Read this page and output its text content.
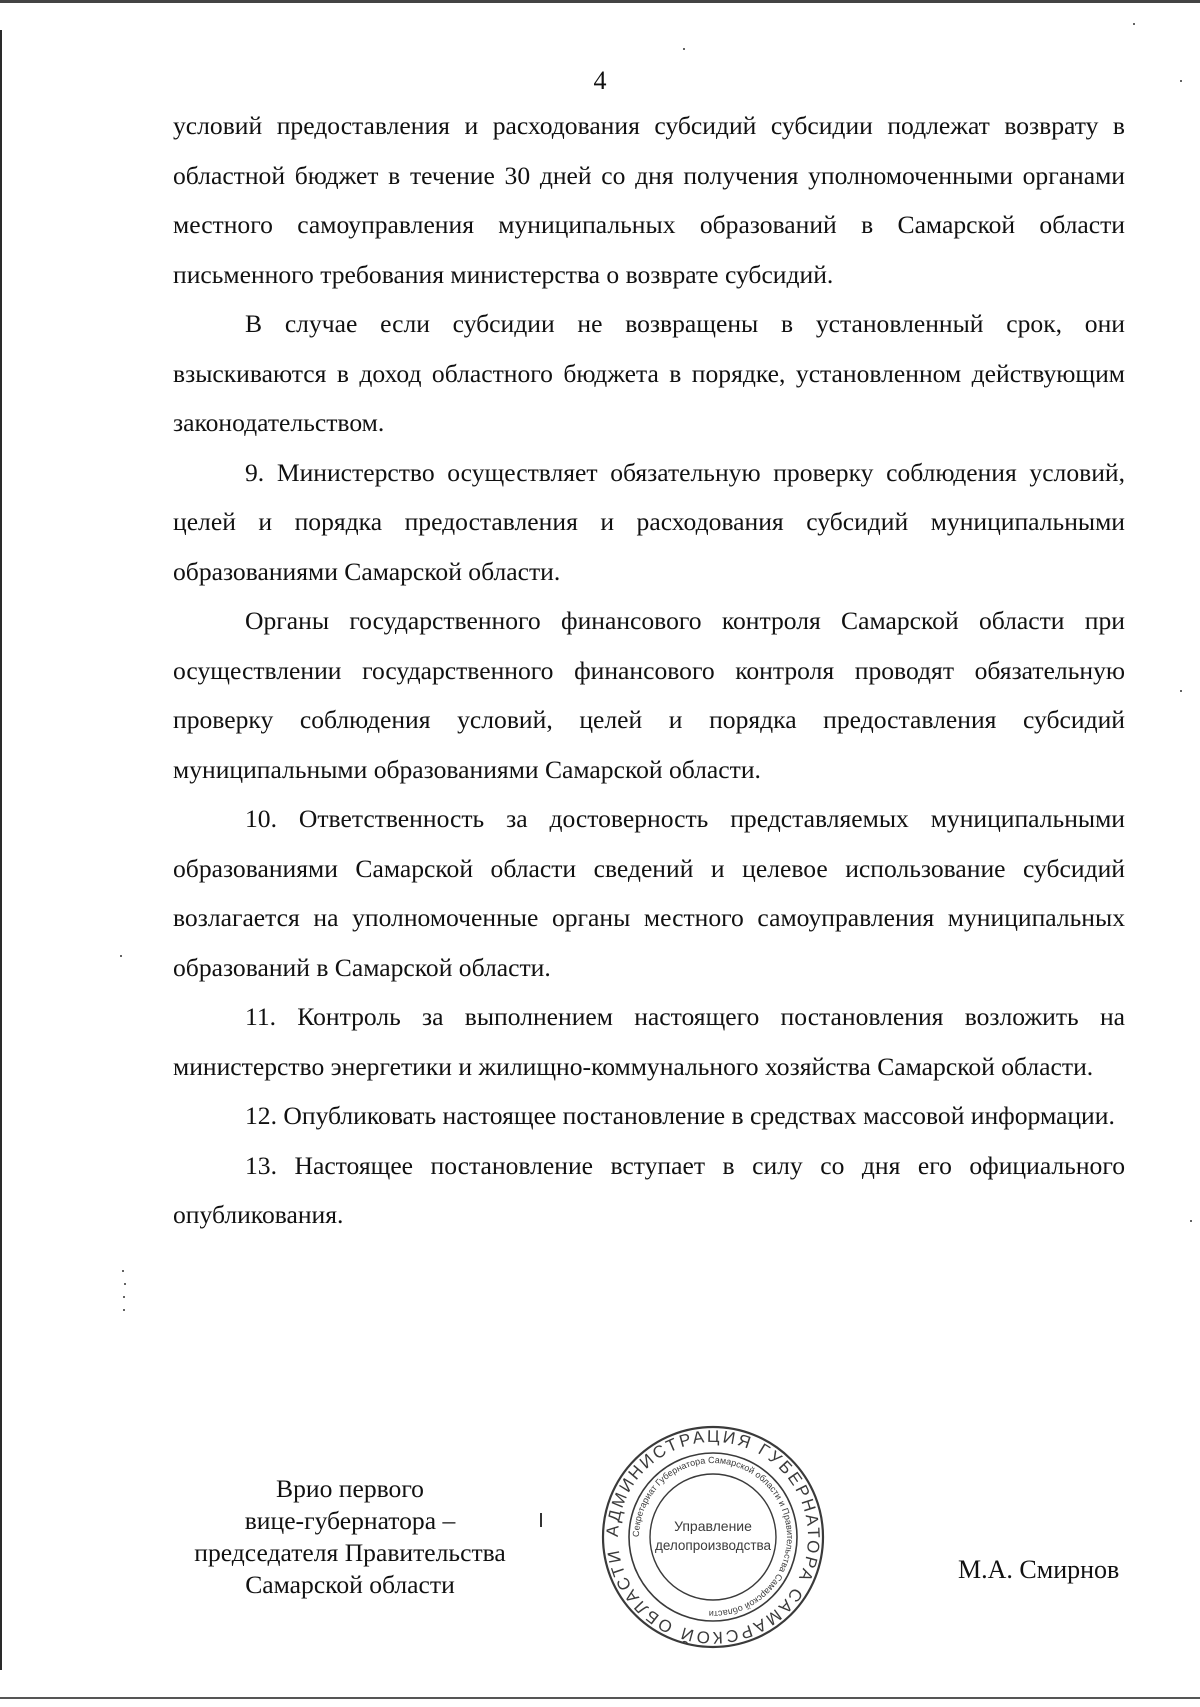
4

условий предоставления и расходования субсидий субсидии подлежат возврату в областной бюджет в течение 30 дней со дня получения уполномоченными органами местного самоуправления муниципальных образований в Самарской области письменного требования министерства о возврате субсидий.

В случае если субсидии не возвращены в установленный срок, они взыскиваются в доход областного бюджета в порядке, установленном действующим законодательством.

9. Министерство осуществляет обязательную проверку соблюдения условий, целей и порядка предоставления и расходования субсидий муниципальными образованиями Самарской области.

Органы государственного финансового контроля Самарской области при осуществлении государственного финансового контроля проводят обязательную проверку соблюдения условий, целей и порядка предоставления субсидий муниципальными образованиями Самарской области.

10. Ответственность за достоверность представляемых муниципальными образованиями Самарской области сведений и целевое использование субсидий возлагается на уполномоченные органы местного самоуправления муниципальных образований в Самарской области.

11. Контроль за выполнением настоящего постановления возложить на министерство энергетики и жилищно-коммунального хозяйства Самарской области.

12. Опубликовать настоящее постановление в средствах массовой информации.

13. Настоящее постановление вступает в силу со дня его официального опубликования.

Врио первого
вице-губернатора –
председателя Правительства
Самарской области
АДМИНИСТРАЦИЯ ГУБЕРНАТОРА САМАРСКОЙ ОБЛАСТИ
Секретариат Губернатора Самарской области и Правительства Самарской области
Управление
делопроизводства
М.А. Смирнов
